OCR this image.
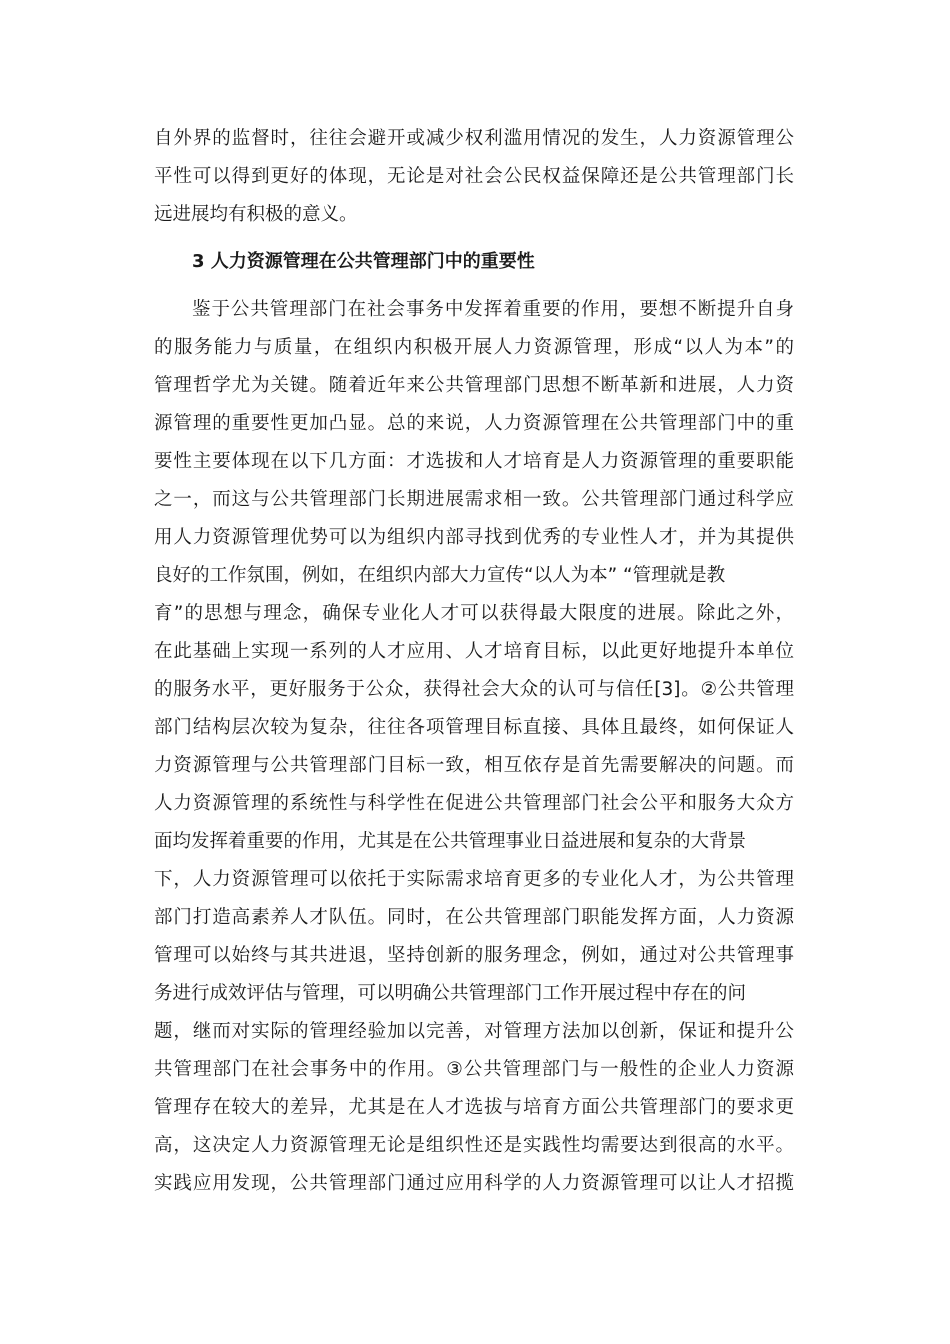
自外界的监督时，往往会避开或减少权利滥用情况的发生，人力资源管理公
平性可以得到更好的体现，无论是对社会公民权益保障还是公共管理部门长
远进展均有积极的意义。
3 人力资源管理在公共管理部门中的重要性
鉴于公共管理部门在社会事务中发挥着重要的作用，要想不断提升自身
的服务能力与质量，在组织内积极开展人力资源管理，形成“以人为本”的
管理哲学尤为关键。随着近年来公共管理部门思想不断革新和进展，人力资
源管理的重要性更加凸显。总的来说，人力资源管理在公共管理部门中的重
要性主要体现在以下几方面：才选拔和人才培育是人力资源管理的重要职能
之一，而这与公共管理部门长期进展需求相一致。公共管理部门通过科学应
用人力资源管理优势可以为组织内部寻找到优秀的专业性人才，并为其提供
良好的工作氛围，例如，在组织内部大力宣传“以人为本” “管理就是教
育”的思想与理念，确保专业化人才可以获得最大限度的进展。除此之外，
在此基础上实现一系列的人才应用、人才培育目标，以此更好地提升本单位
的服务水平，更好服务于公众，获得社会大众的认可与信任[3]。②公共管理
部门结构层次较为复杂，往往各项管理目标直接、具体且最终，如何保证人
力资源管理与公共管理部门目标一致，相互依存是首先需要解决的问题。而
人力资源管理的系统性与科学性在促进公共管理部门社会公平和服务大众方
面均发挥着重要的作用，尤其是在公共管理事业日益进展和复杂的大背景
下，人力资源管理可以依托于实际需求培育更多的专业化人才，为公共管理
部门打造高素养人才队伍。同时，在公共管理部门职能发挥方面，人力资源
管理可以始终与其共进退，坚持创新的服务理念，例如，通过对公共管理事
务进行成效评估与管理，可以明确公共管理部门工作开展过程中存在的问
题，继而对实际的管理经验加以完善，对管理方法加以创新，保证和提升公
共管理部门在社会事务中的作用。③公共管理部门与一般性的企业人力资源
管理存在较大的差异，尤其是在人才选拔与培育方面公共管理部门的要求更
高，这决定人力资源管理无论是组织性还是实践性均需要达到很高的水平。
实践应用发现，公共管理部门通过应用科学的人力资源管理可以让人才招揽
